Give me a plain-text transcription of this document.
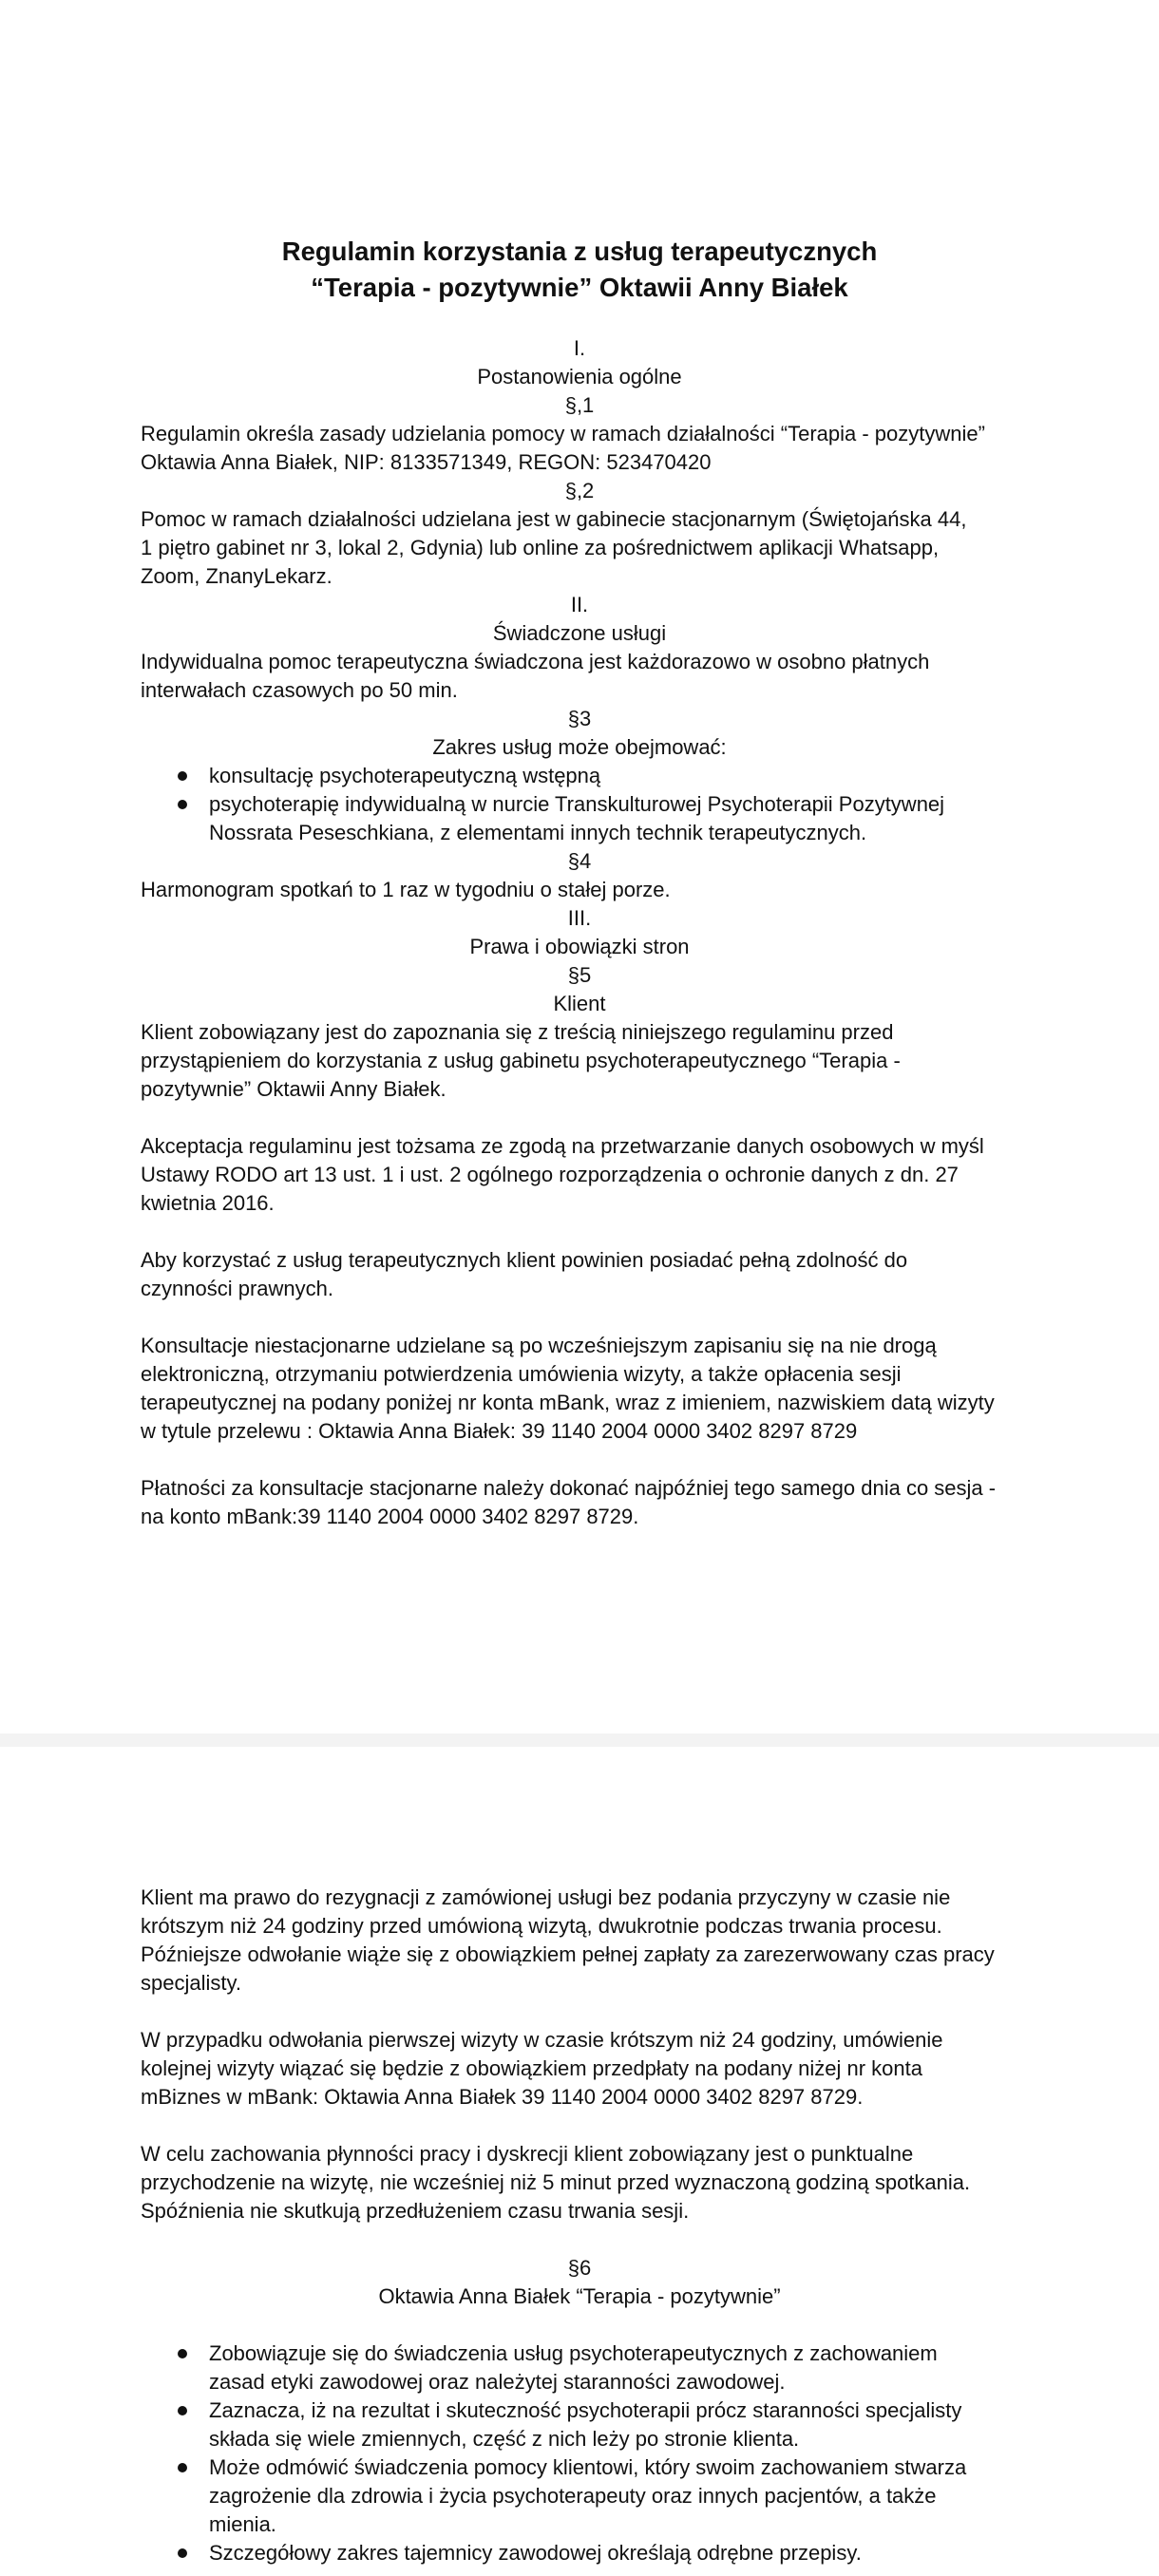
Regulamin korzystania z usług terapeutycznych
“Terapia - pozytywnie” Oktawii Anny Białek
I.
Postanowienia ogólne
§,1

Regulamin określa zasady udzielania pomocy w ramach działalności “Terapia - pozytywnie”
Oktawia Anna Białek, NIP: 8133571349, REGON: 523470420

§,2

Pomoc w ramach działalności udzielana jest w gabinecie stacjonarnym (Świętojańska 44,
1 piętro gabinet nr 3, lokal 2, Gdynia) lub online za pośrednictwem aplikacji Whatsapp,
Zoom, ZnanyLekarz.

II.
Świadczone usługi

Indywidualna pomoc terapeutyczna świadczona jest każdorazowo w osobno płatnych
interwałach czasowych po 50 min.

§3
Zakres usług może obejmować:
konsultację psychoterapeutyczną wstępną
psychoterapię indywidualną w nurcie Transkulturowej Psychoterapii Pozytywnej
Nossrata Peseschkiana, z elementami innych technik terapeutycznych.
§4

Harmonogram spotkań to 1 raz w tygodniu o stałej porze.

III.
Prawa i obowiązki stron
§5
Klient

Klient zobowiązany jest do zapoznania się z treścią niniejszego regulaminu przed
przystąpieniem do korzystania z usług gabinetu psychoterapeutycznego “Terapia -
pozytywnie” Oktawii Anny Białek.

Akceptacja regulaminu jest tożsama ze zgodą na przetwarzanie danych osobowych w myśl
Ustawy RODO art 13 ust. 1 i ust. 2 ogólnego rozporządzenia o ochronie danych z dn. 27
kwietnia 2016.

Aby korzystać z usług terapeutycznych klient powinien posiadać pełną zdolność do
czynności prawnych.

Konsultacje niestacjonarne udzielane są po wcześniejszym zapisaniu się na nie drogą
elektroniczną, otrzymaniu potwierdzenia umówienia wizyty, a także opłacenia sesji
terapeutycznej na podany poniżej nr konta mBank, wraz z imieniem, nazwiskiem datą wizyty
w tytule przelewu : Oktawia Anna Białek: 39 1140 2004 0000 3402 8297 8729

Płatności za konsultacje stacjonarne należy dokonać najpóźniej tego samego dnia co sesja -
na konto mBank:39 1140 2004 0000 3402 8297 8729.

Klient ma prawo do rezygnacji z zamówionej usługi bez podania przyczyny w czasie nie
krótszym niż 24 godziny przed umówioną wizytą, dwukrotnie podczas trwania procesu.
Późniejsze odwołanie wiąże się z obowiązkiem pełnej zapłaty za zarezerwowany czas pracy
specjalisty.

W przypadku odwołania pierwszej wizyty w czasie krótszym niż 24 godziny, umówienie
kolejnej wizyty wiązać się będzie z obowiązkiem przedpłaty na podany niżej nr konta
mBiznes w mBank: Oktawia Anna Białek 39 1140 2004 0000 3402 8297 8729.

W celu zachowania płynności pracy i dyskrecji klient zobowiązany jest o punktualne
przychodzenie na wizytę, nie wcześniej niż 5 minut przed wyznaczoną godziną spotkania.
Spóźnienia nie skutkują przedłużeniem czasu trwania sesji.

§6
Oktawia Anna Białek “Terapia - pozytywnie”
Zobowiązuje się do świadczenia usług psychoterapeutycznych z zachowaniem
zasad etyki zawodowej oraz należytej staranności zawodowej.
Zaznacza, iż na rezultat i skuteczność psychoterapii prócz staranności specjalisty
składa się wiele zmiennych, część z nich leży po stronie klienta.
Może odmówić świadczenia pomocy klientowi, który swoim zachowaniem stwarza
zagrożenie dla zdrowia i życia psychoterapeuty oraz innych pacjentów, a także
mienia.
Szczegółowy zakres tajemnicy zawodowej określają odrębne przepisy.
